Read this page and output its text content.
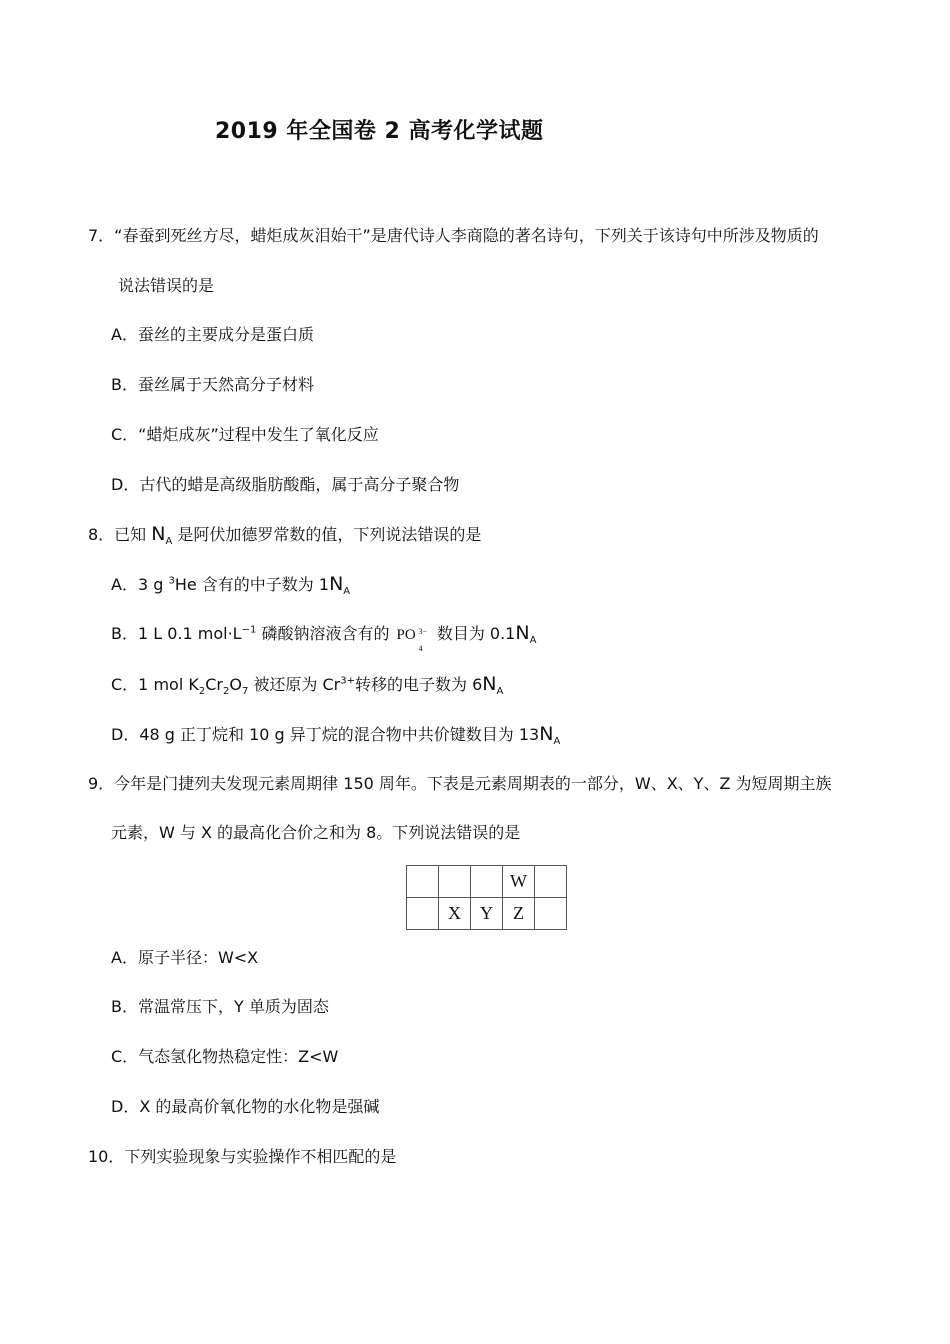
2019 年全国卷 2 高考化学试题
7．“春蚕到死丝方尽，蜡炬成灰泪始干”是唐代诗人李商隐的著名诗句，下列关于该诗句中所涉及物质的
说法错误的是
A．蚕丝的主要成分是蛋白质
B．蚕丝属于天然高分子材料
C．“蜡炬成灰”过程中发生了氧化反应
D．古代的蜡是高级脂肪酸酯，属于高分子聚合物
8．已知 $N_A$ 是阿伏加德罗常数的值，下列说法错误的是
A．3 g $^3$He 含有的中子数为 $1N_A$
B．1 L 0.1 $mol\cdot L^{-1}$ 磷酸钠溶液含有的 PO 3−
4
数目为 $0.1N_A$
C．1 mol $K_2Cr_2O_7$ 被还原为 $Cr^{3+}$转移的电子数为 $6N_A$
D．48 g 正丁烷和 10 g 异丁烷的混合物中共价键数目为 $13N_A$
9．今年是门捷列夫发现元素周期律 150 周年。下表是元素周期表的一部分，W、X、Y、Z 为短周期主族
元素，W 与 X 的最高化合价之和为 8。下列说法错误的是
			W	
	X	Y	Z	
A．原子半径：W<X
B．常温常压下，Y 单质为固态
C．气态氢化物热稳定性：Z<W
D．X 的最高价氧化物的水化物是强碱
10．下列实验现象与实验操作不相匹配的是
